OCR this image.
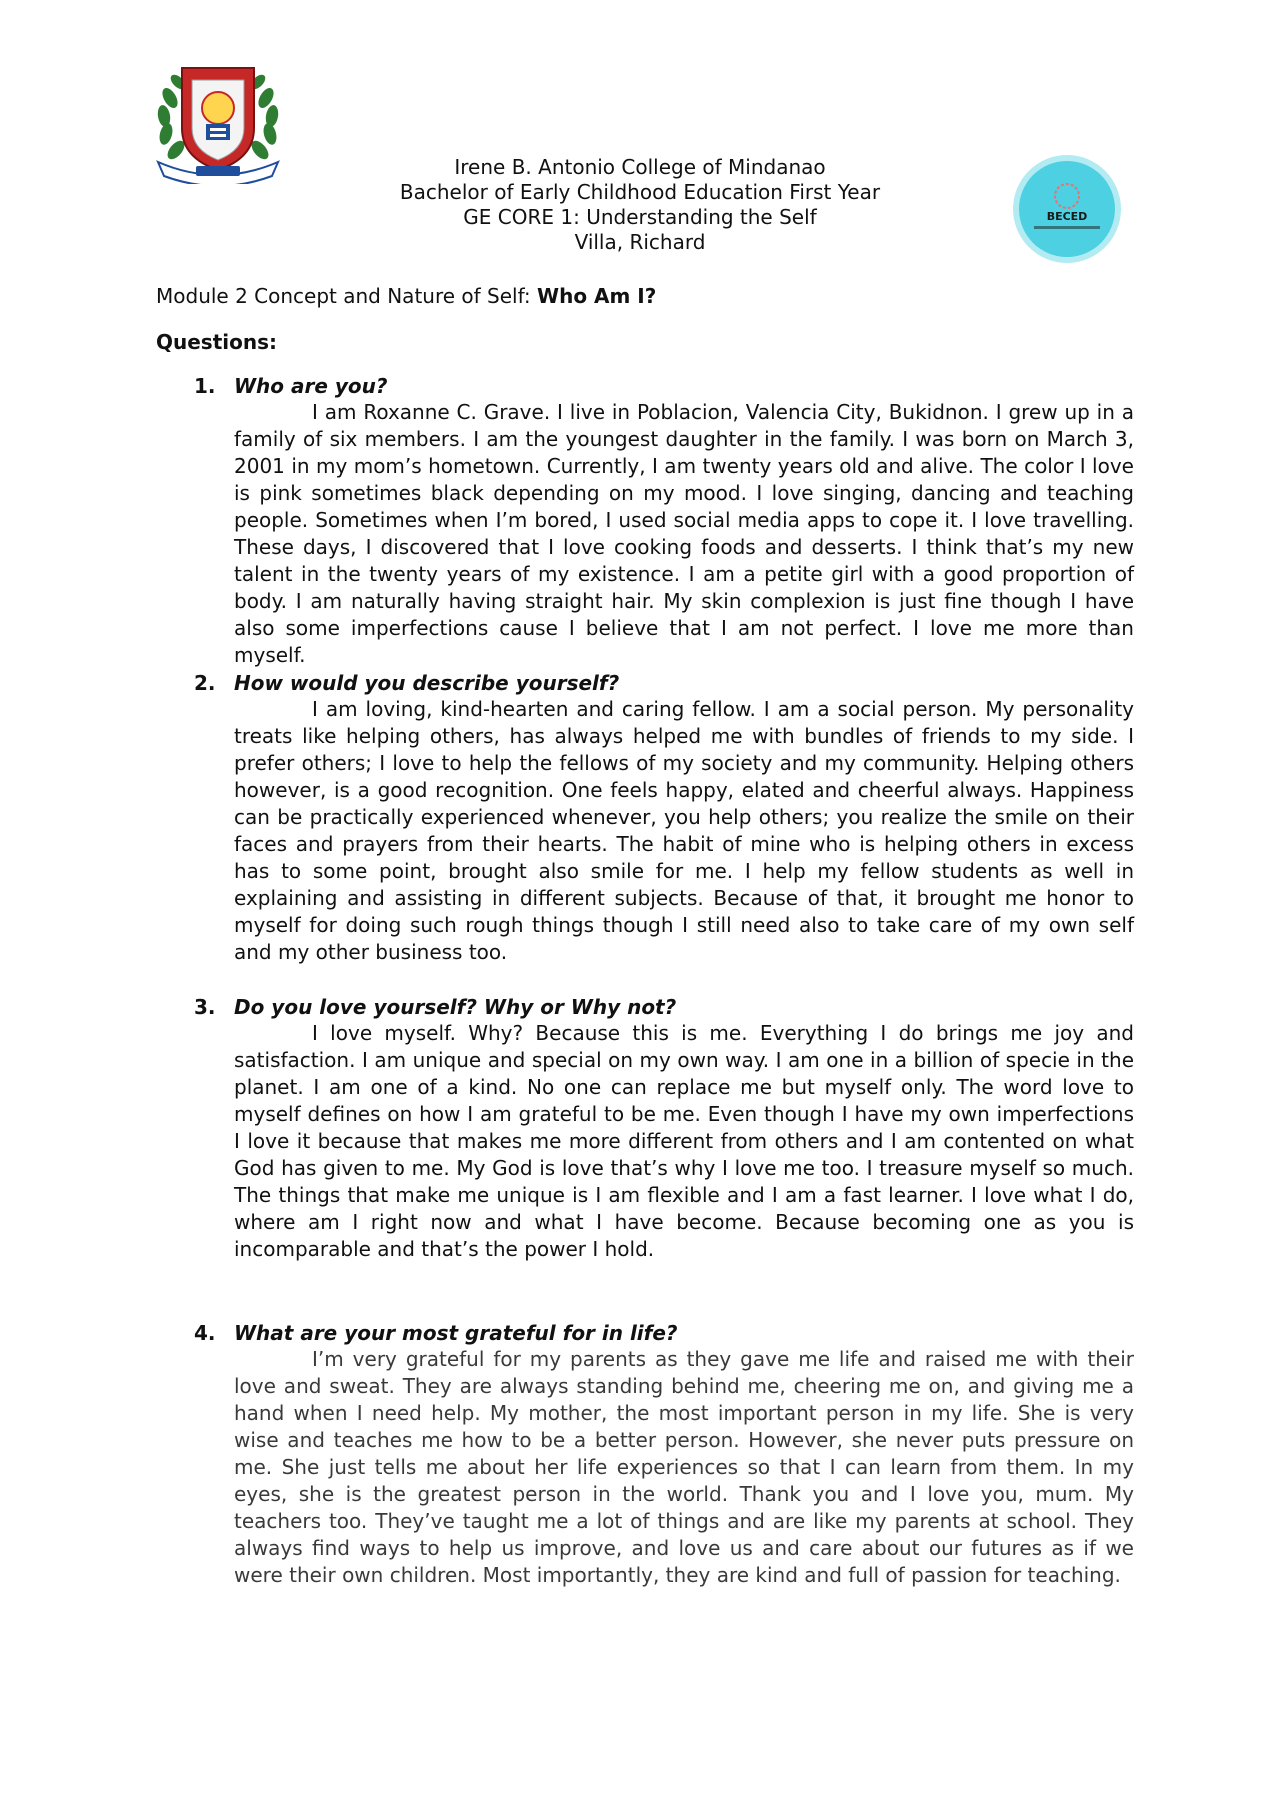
BECED
Irene B. Antonio College of Mindanao
Bachelor of Early Childhood Education First Year
GE CORE 1: Understanding the Self
Villa, Richard
Module 2 Concept and Nature of Self: Who Am I?
Questions:
1. Who are you?
I am Roxanne C. Grave. I live in Poblacion, Valencia City, Bukidnon. I grew up in a family of six members. I am the youngest daughter in the family. I was born on March 3, 2001 in my mom’s hometown. Currently, I am twenty years old and alive. The color I love is pink sometimes black depending on my mood. I love singing, dancing and teaching people. Sometimes when I’m bored, I used social media apps to cope it. I love travelling. These days, I discovered that I love cooking foods and desserts. I think that’s my new talent in the twenty years of my existence. I am a petite girl with a good proportion of body. I am naturally having straight hair. My skin complexion is just fine though I have also some imperfections cause I believe that I am not perfect. I love me more than myself.
2. How would you describe yourself?
I am loving, kind-hearten and caring fellow. I am a social person. My personality treats like helping others, has always helped me with bundles of friends to my side. I prefer others; I love to help the fellows of my society and my community. Helping others however, is a good recognition. One feels happy, elated and cheerful always. Happiness can be practically experienced whenever, you help others; you realize the smile on their faces and prayers from their hearts. The habit of mine who is helping others in excess has to some point, brought also smile for me. I help my fellow students as well in explaining and assisting in different subjects. Because of that, it brought me honor to myself for doing such rough things though I still need also to take care of my own self and my other business too.
3. Do you love yourself? Why or Why not?
I love myself. Why? Because this is me. Everything I do brings me joy and satisfaction. I am unique and special on my own way. I am one in a billion of specie in the planet. I am one of a kind. No one can replace me but myself only. The word love to myself defines on how I am grateful to be me. Even though I have my own imperfections I love it because that makes me more different from others and I am contented on what God has given to me. My God is love that’s why I love me too. I treasure myself so much. The things that make me unique is I am flexible and I am a fast learner. I love what I do, where am I right now and what I have become. Because becoming one as you is incomparable and that’s the power I hold.
4. What are your most grateful for in life?
I’m very grateful for my parents as they gave me life and raised me with their love and sweat. They are always standing behind me, cheering me on, and giving me a hand when I need help. My mother, the most important person in my life. She is very wise and teaches me how to be a better person. However, she never puts pressure on me. She just tells me about her life experiences so that I can learn from them. In my eyes, she is the greatest person in the world. Thank you and I love you, mum. My teachers too. They’ve taught me a lot of things and are like my parents at school. They always find ways to help us improve, and love us and care about our futures as if we were their own children. Most importantly, they are kind and full of passion for teaching.
